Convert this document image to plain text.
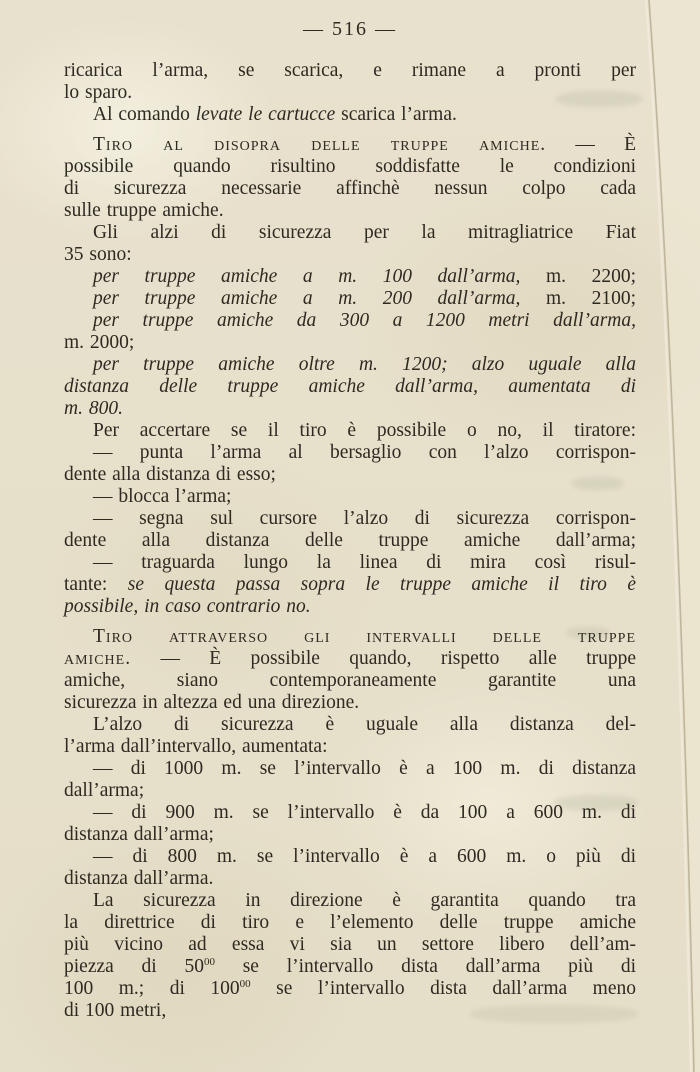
— 516 —
ricarica l’arma, se scarica, e rimane a pronti per
lo sparo.
Al comando levate le cartucce scarica l’arma.
Tiro al disopra delle truppe amiche. — È
possibile quando risultino soddisfatte le condizioni
di sicurezza necessarie affinchè nessun colpo cada
sulle truppe amiche.
Gli alzi di sicurezza per la mitragliatrice Fiat
35 sono:
per truppe amiche a m. 100 dall’arma, m. 2200;
per truppe amiche a m. 200 dall’arma, m. 2100;
per truppe amiche da 300 a 1200 metri dall’arma,
m. 2000;
per truppe amiche oltre m. 1200; alzo uguale alla
distanza delle truppe amiche dall’arma, aumentata di
m. 800.
Per accertare se il tiro è possibile o no, il tiratore:
— punta l’arma al bersaglio con l’alzo corrispon-
dente alla distanza di esso;
— blocca l’arma;
— segna sul cursore l’alzo di sicurezza corrispon-
dente alla distanza delle truppe amiche dall’arma;
— traguarda lungo la linea di mira così risul-
tante: se questa passa sopra le truppe amiche il tiro è
possibile, in caso contrario no.
Tiro attraverso gli intervalli delle truppe
amiche. — È possibile quando, rispetto alle truppe
amiche, siano contemporaneamente garantite una
sicurezza in altezza ed una direzione.
L’alzo di sicurezza è uguale alla distanza del-
l’arma dall’intervallo, aumentata:
— di 1000 m. se l’intervallo è a 100 m. di distanza
dall’arma;
— di 900 m. se l’intervallo è da 100 a 600 m. di
distanza dall’arma;
— di 800 m. se l’intervallo è a 600 m. o più di
distanza dall’arma.
La sicurezza in direzione è garantita quando tra
la direttrice di tiro e l’elemento delle truppe amiche
più vicino ad essa vi sia un settore libero dell’am-
piezza di $50^{00}$ se l’intervallo dista dall’arma più di
100 m.; di $100^{00}$ se l’intervallo dista dall’arma meno
di 100 metri,
